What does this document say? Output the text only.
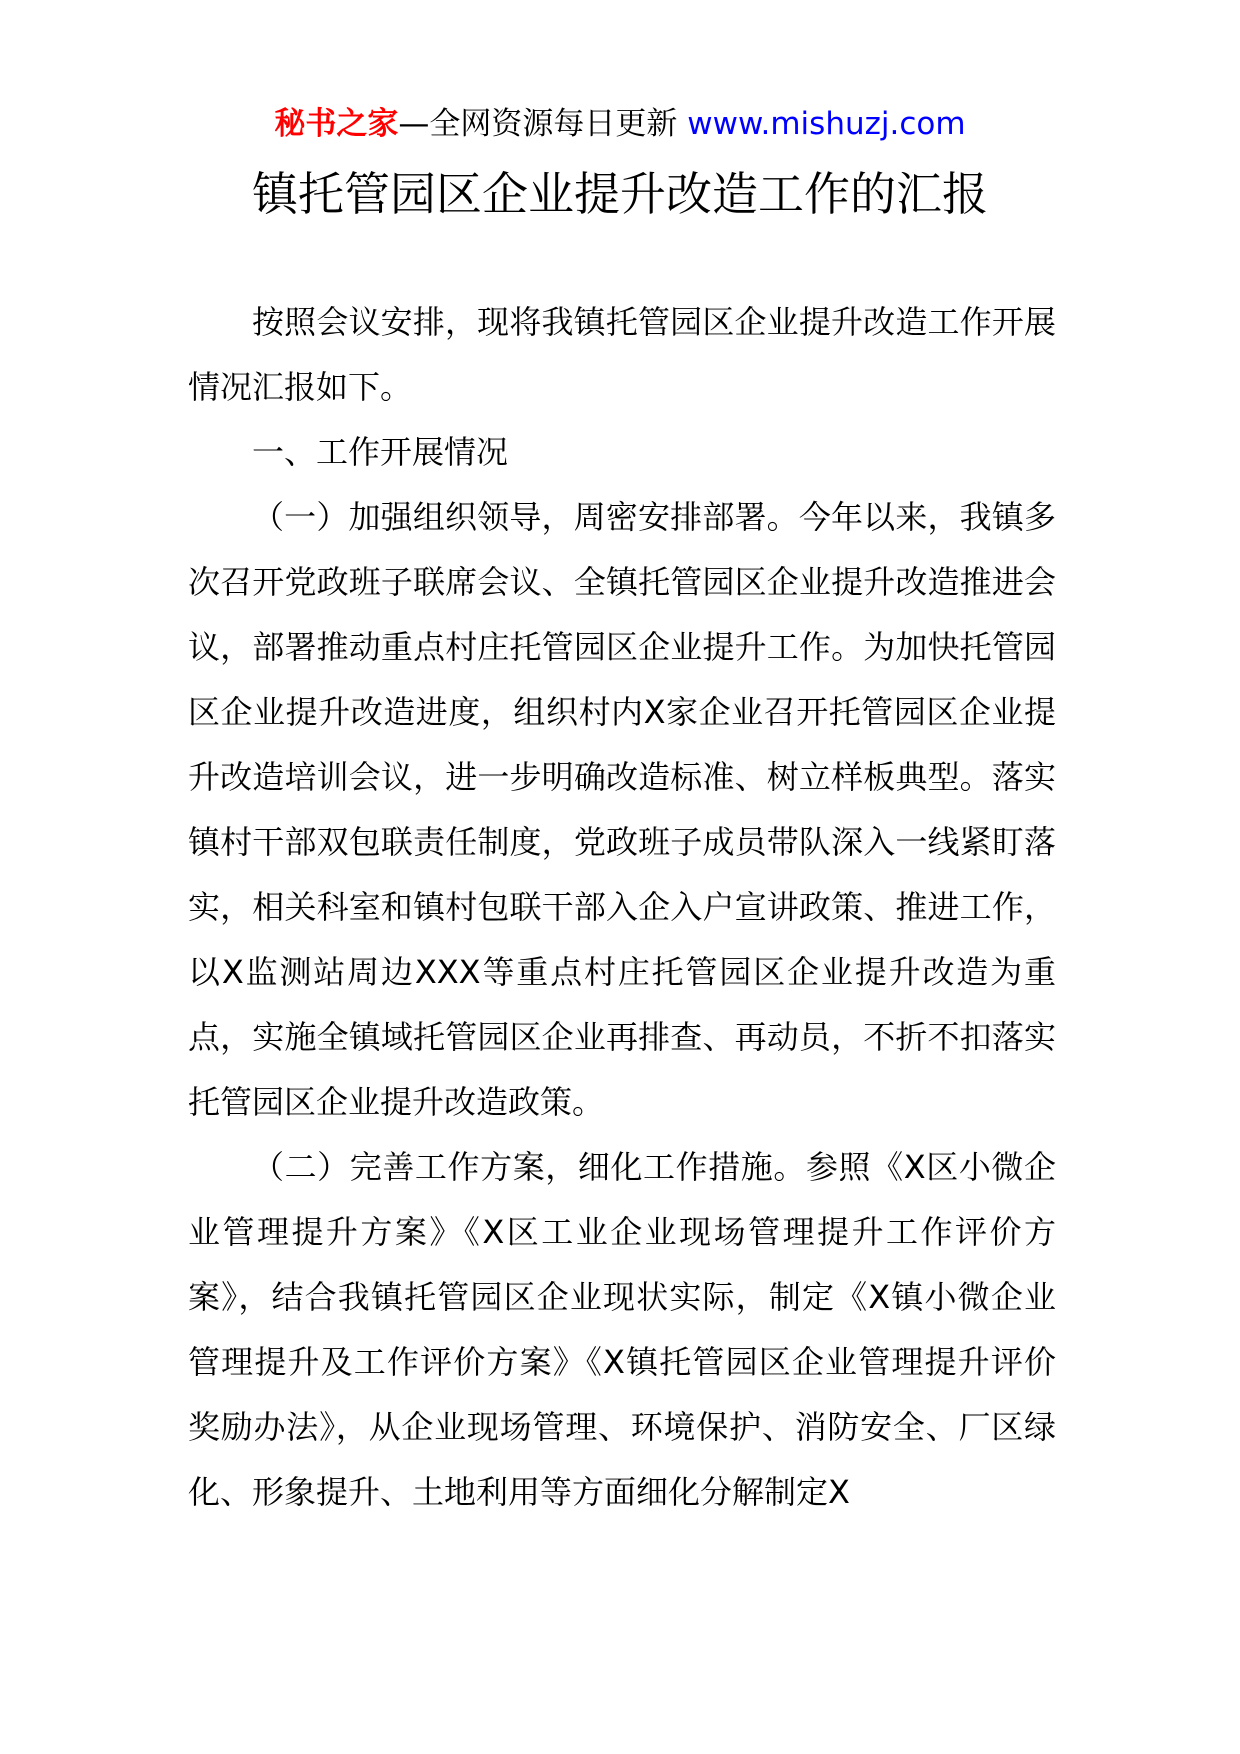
秘书之家—全网资源每日更新 www.mishuzj.com
镇托管园区企业提升改造工作的汇报

按照会议安排，现将我镇托管园区企业提升改造工作开展情况汇报如下。

一、工作开展情况

（一）加强组织领导，周密安排部署。今年以来，我镇多次召开党政班子联席会议、全镇托管园区企业提升改造推进会议，部署推动重点村庄托管园区企业提升工作。为加快托管园区企业提升改造进度，组织村内X家企业召开托管园区企业提升改造培训会议，进一步明确改造标准、树立样板典型。落实镇村干部双包联责任制度，党政班子成员带队深入一线紧盯落实，相关科室和镇村包联干部入企入户宣讲政策、推进工作，以X监测站周边XXX等重点村庄托管园区企业提升改造为重点，实施全镇域托管园区企业再排查、再动员，不折不扣落实托管园区企业提升改造政策。

（二）完善工作方案，细化工作措施。参照《X区小微企业管理提升方案》《X区工业企业现场管理提升工作评价方案》，结合我镇托管园区企业现状实际，制定《X镇小微企业管理提升及工作评价方案》《X镇托管园区企业管理提升评价奖励办法》，从企业现场管理、环境保护、消防安全、厂区绿化、形象提升、土地利用等方面细化分解制定X
